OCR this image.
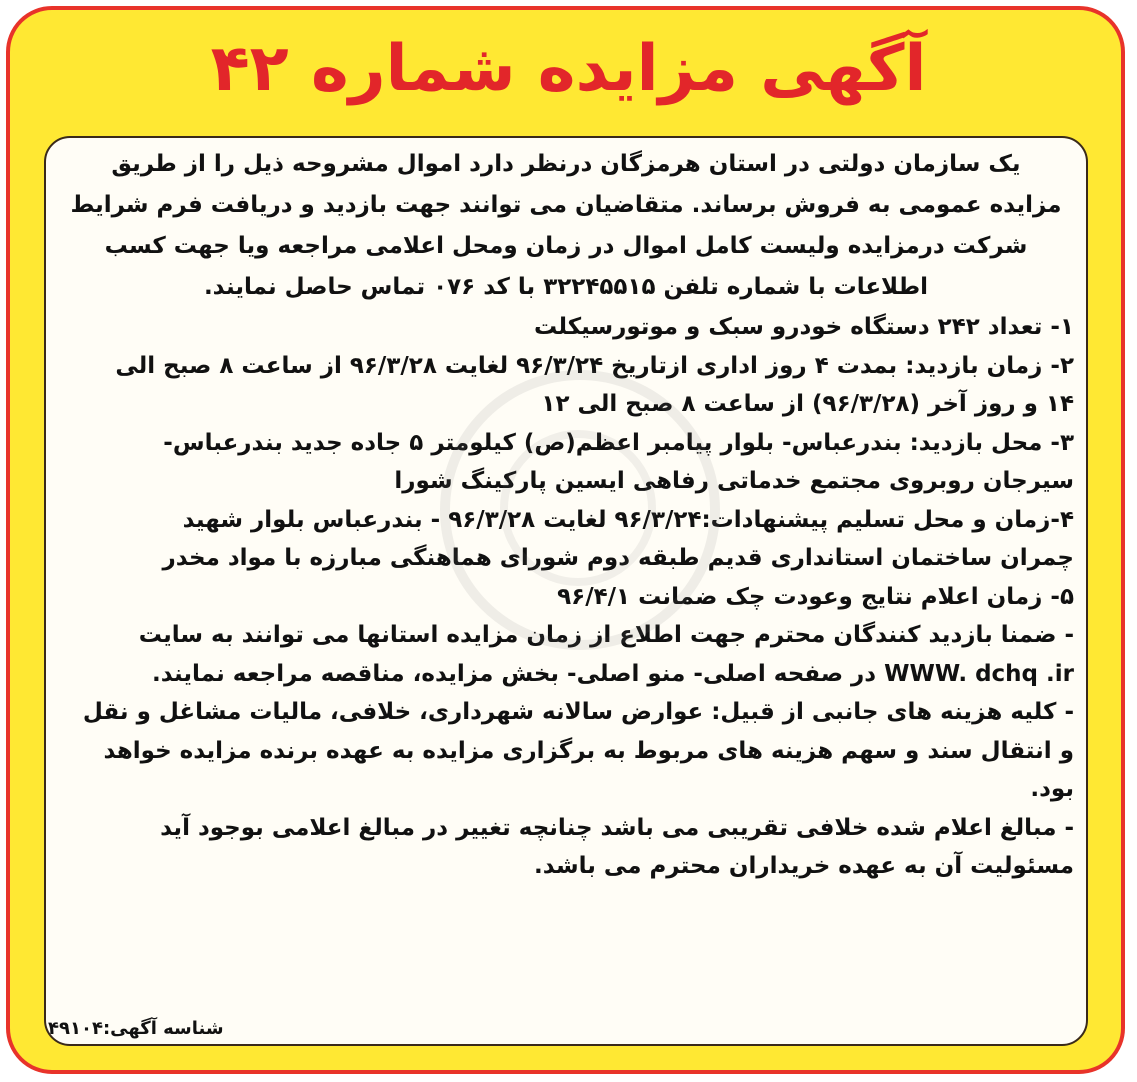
آگهی مزایده شماره ۴۲

یک سازمان دولتی در استان هرمزگان درنظر دارد اموال مشروحه ذیل را از طریق

مزایده عمومی به فروش برساند. متقاضیان می توانند جهت بازدید و دریافت فرم شرایط

شرکت درمزایده ولیست کامل اموال در زمان ومحل اعلامی مراجعه ویا جهت کسب

اطلاعات با شماره تلفن ۳۲۲۴۵۵۱۵ با کد ۰۷۶ تماس حاصل نمایند.

۱- تعداد ۲۴۲ دستگاه خودرو سبک و موتورسیکلت

۲- زمان بازدید: بمدت ۴ روز اداری ازتاریخ ۹۶/۳/۲۴ لغایت ۹۶/۳/۲۸ از ساعت ۸ صبح الی

۱۴ و روز آخر (۹۶/۳/۲۸) از ساعت ۸ صبح الی ۱۲

۳- محل بازدید: بندرعباس- بلوار پیامبر اعظم(ص) کیلومتر ۵ جاده جدید بندرعباس-

سیرجان روبروی مجتمع خدماتی رفاهی ایسین پارکینگ شورا

۴-زمان و محل تسلیم پیشنهادات:۹۶/۳/۲۴ لغایت ۹۶/۳/۲۸ - بندرعباس بلوار شهید

چمران ساختمان استانداری قدیم طبقه دوم شورای هماهنگی مبارزه با مواد مخدر

۵- زمان اعلام نتایج وعودت چک ضمانت ۹۶/۴/۱

- ضمنا بازدید کنندگان محترم جهت اطلاع از زمان مزایده استانها می توانند به سایت

WWW. dchq .ir در صفحه اصلی- منو اصلی- بخش مزایده، مناقصه مراجعه نمایند.

- کلیه هزینه های جانبی از قبیل: عوارض سالانه شهرداری، خلافی، مالیات مشاغل و نقل

و انتقال سند و سهم هزینه های مربوط به برگزاری مزایده به عهده برنده مزایده خواهد بود.

- مبالغ اعلام شده خلافی تقریبی می باشد چنانچه تغییر در مبالغ اعلامی بوجود آید

مسئولیت آن به عهده خریداران محترم می باشد.

شناسه آگهی:۴۹۱۰۴
